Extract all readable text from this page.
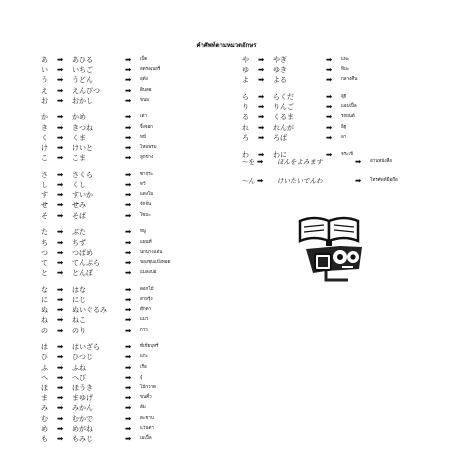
คำศัพท์ตามหมวดอักษร
あ ➡ あひる	➡ เป็ด
い ➡ いちご	➡ สตรอเบอรี่
う ➡ うどん	➡ อุด้ง
え ➡ えんぴつ	➡ ดินสอ
お ➡ おかし	➡ ขนม
か ➡ かめ	➡ เต่า
き ➡ きつね	➡ จิ้งจอก
く ➡ くま	➡ หมี
け ➡ けいと	➡ ไหมพรม
こ ➡ こま	➡ ลูกข่าง
さ ➡ さくら	➡ ซากุระ
し ➡ くし	➡ หวี
す ➡ すいか	➡ แตงโม
せ ➡ せみ	➡ จักจั่น
そ ➡ そば	➡ โซบะ
た ➡ ぶた	➡ หมู
ち ➡ ちず	➡ แผนที่
つ ➡ つばめ	➡ นกนางแอ่น
て ➡ てんぷら	➡ ของชุบแป้งทอด
と ➡ とんぼ	➡ แมลงปอ
な ➡ はな	➡ ดอกไม้
に ➡ にじ	➡ สายรุ้ง
ぬ ➡ ぬいぐるみ ➡ ตุ๊กตา
ね ➡ ねこ	➡ แมว
の ➡ のり	➡ กาว
は ➡ はいざら	➡ ที่เขี่ยบุหรี่
ひ ➡ ひつじ	➡ แกะ
ふ ➡ ふね	➡ เรือ
へ ➡ へび	➡ งู
ほ ➡ ほうき	➡ ไม้กวาด
ま ➡ まゆげ	➡ ขนคิ้ว
み ➡ みかん	➡ ส้ม
む ➡ むかで	➡ ตะขาบ
め ➡ めがね	➡ แว่นตา
も ➡ もみじ	➡ เมเปิ้ล
や ➡ やぎ	➡ แพะ
ゆ ➡ ゆき	➡ หิมะ
よ ➡ よる	➡ กลางคืน
ら ➡ らくだ	➡ อูฐ
り ➡ りんご	➡ แอปเปิ้ล
る ➡ くるま	➡ รถยนต์
れ ➡ れんが	➡ อิฐ
ろ ➡ ろば	➡ ลา
わ ➡ わに	➡ จระเข้
～を ➡ ほんをよみます	➡ อ่านหนังสือ
～ん ➡ けいたいでんわ	➡ โทรศัพท์มือถือ
